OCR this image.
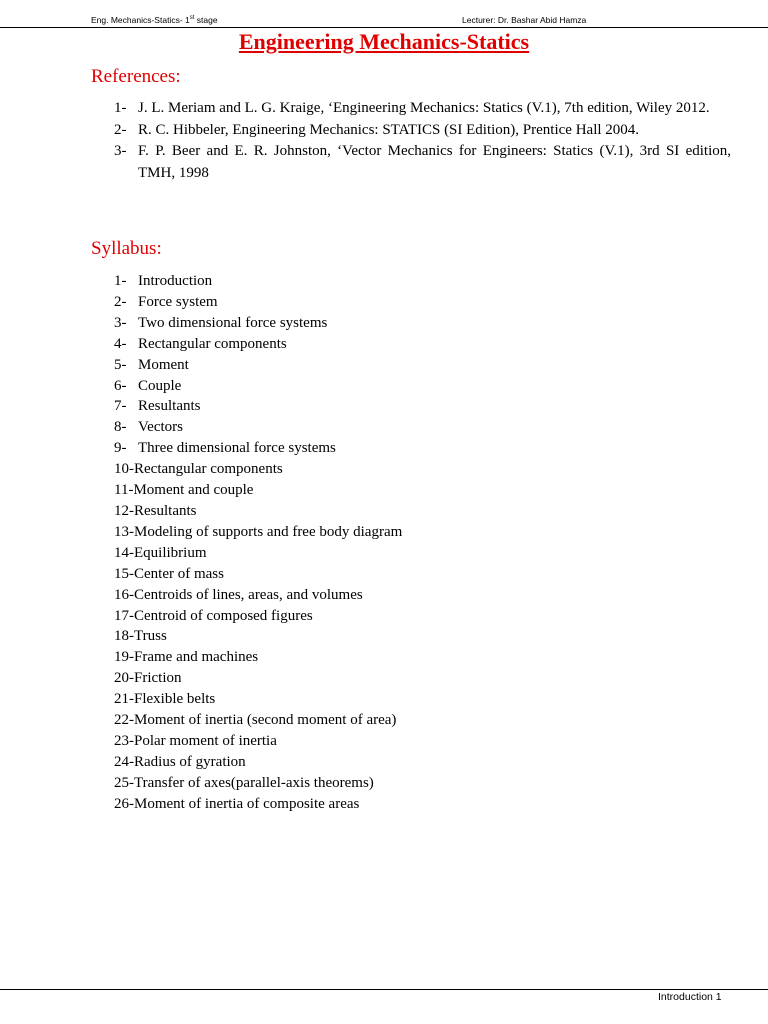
Eng. Mechanics-Statics- 1st stage	Lecturer: Dr. Bashar Abid Hamza
Engineering Mechanics-Statics
References:
1- J. L. Meriam and L. G. Kraige, ‘Engineering Mechanics: Statics (V.1), 7th edition, Wiley 2012.
2- R. C. Hibbeler, Engineering Mechanics: STATICS (SI Edition), Prentice Hall 2004.
3- F. P. Beer and E. R. Johnston, ‘Vector Mechanics for Engineers: Statics (V.1), 3rd SI edition, TMH, 1998
Syllabus:
1- Introduction
2- Force system
3- Two dimensional force systems
4- Rectangular components
5- Moment
6- Couple
7- Resultants
8- Vectors
9- Three dimensional force systems
10- Rectangular components
11- Moment and couple
12- Resultants
13- Modeling of supports and free body diagram
14- Equilibrium
15- Center of mass
16- Centroids of lines, areas, and volumes
17- Centroid of composed figures
18- Truss
19- Frame and machines
20- Friction
21- Flexible belts
22- Moment of inertia (second moment of area)
23- Polar moment of inertia
24- Radius of gyration
25- Transfer of axes(parallel-axis theorems)
26- Moment of inertia of composite areas
Introduction 1
